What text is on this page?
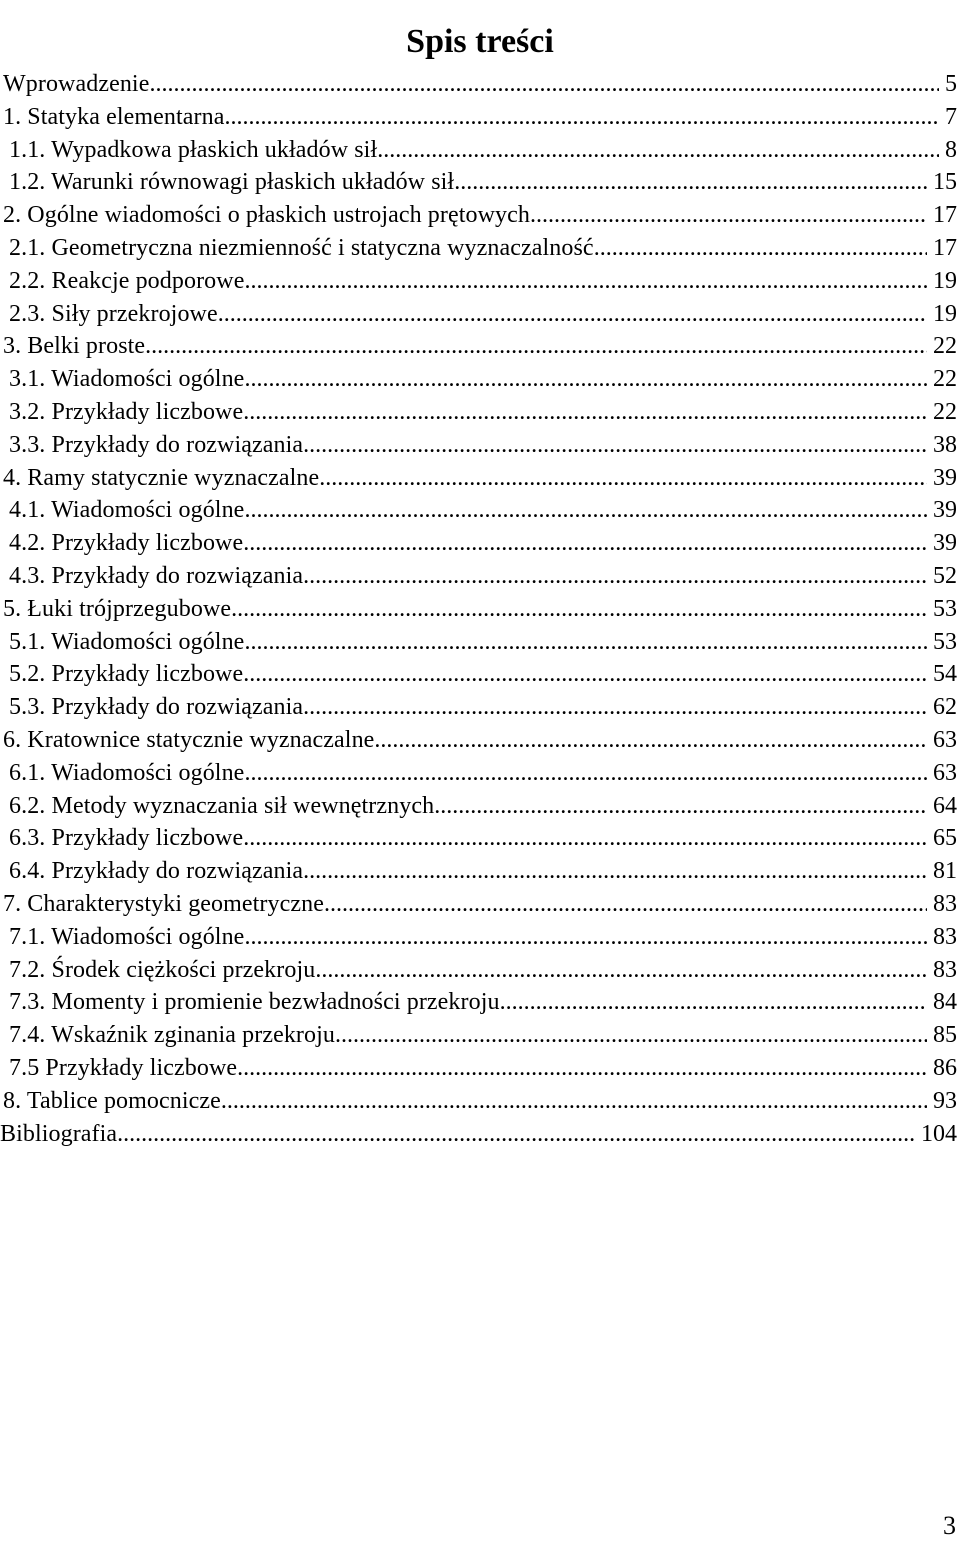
Spis treści
Wprowadzenie .....	5
1. Statyka elementarna .....	7
1.1. Wypadkowa płaskich układów sił .....	8
1.2. Warunki równowagi płaskich układów sił .....	15
2. Ogólne wiadomości o płaskich ustrojach prętowych .....	17
2.1. Geometryczna niezmienność i statyczna wyznaczalność .....	17
2.2. Reakcje podporowe .....	19
2.3. Siły przekrojowe .....	19
3. Belki proste .....	22
3.1. Wiadomości ogólne .....	22
3.2. Przykłady liczbowe .....	22
3.3. Przykłady do rozwiązania .....	38
4. Ramy statycznie wyznaczalne .....	39
4.1. Wiadomości ogólne .....	39
4.2. Przykłady liczbowe .....	39
4.3. Przykłady do rozwiązania .....	52
5. Łuki trójprzegubowe .....	53
5.1. Wiadomości ogólne .....	53
5.2. Przykłady liczbowe .....	54
5.3. Przykłady do rozwiązania .....	62
6. Kratownice statycznie wyznaczalne .....	63
6.1. Wiadomości ogólne .....	63
6.2. Metody wyznaczania sił wewnętrznych .....	64
6.3. Przykłady liczbowe .....	65
6.4. Przykłady do rozwiązania .....	81
7. Charakterystyki geometryczne .....	83
7.1. Wiadomości ogólne .....	83
7.2. Środek ciężkości przekroju .....	83
7.3. Momenty i promienie bezwładności przekroju .....	84
7.4. Wskaźnik zginania przekroju .....	85
7.5 Przykłady liczbowe .....	86
8. Tablice pomocnicze .....	93
Bibliografia .....	104
3
